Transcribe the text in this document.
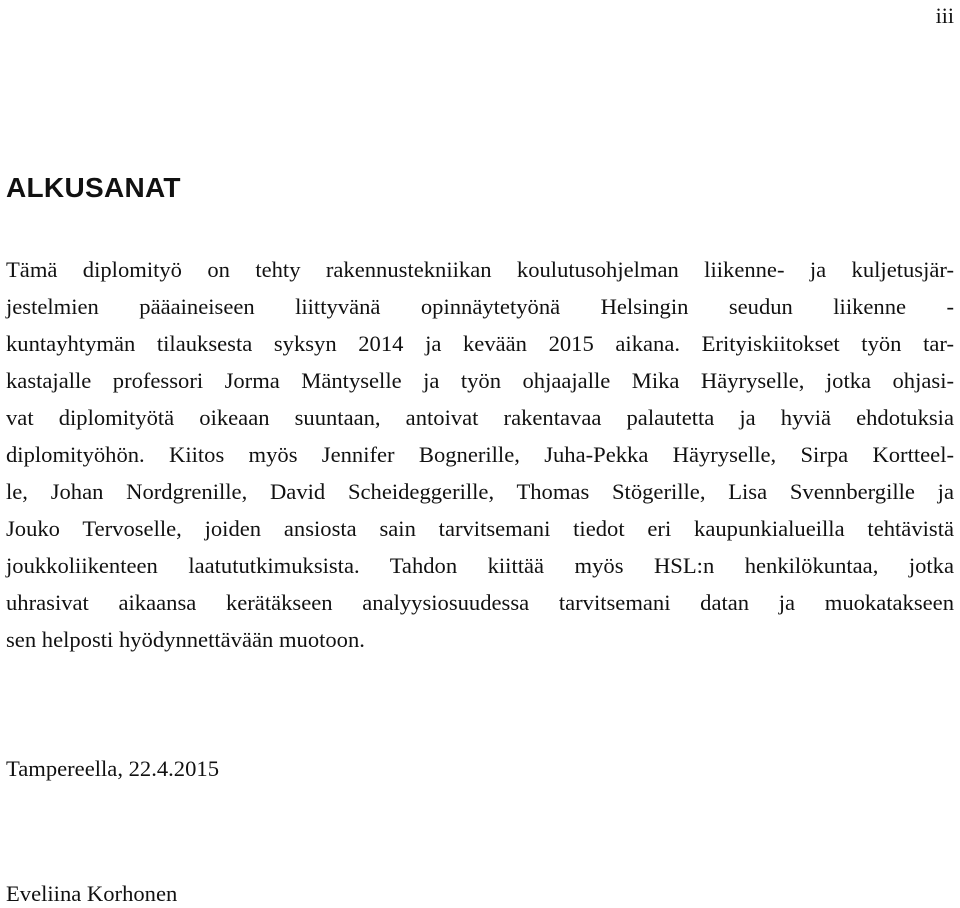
iii
ALKUSANAT
Tämä diplomityö on tehty rakennustekniikan koulutusohjelman liikenne- ja kuljetusjär-
jestelmien pääaineiseen liittyvänä opinnäytetyönä Helsingin seudun liikenne -
kuntayhtymän tilauksesta syksyn 2014 ja kevään 2015 aikana. Erityiskiitokset työn tar-
kastajalle professori Jorma Mäntyselle ja työn ohjaajalle Mika Häyryselle, jotka ohjasi-
vat diplomityötä oikeaan suuntaan, antoivat rakentavaa palautetta ja hyviä ehdotuksia
diplomityöhön. Kiitos myös Jennifer Bognerille, Juha-Pekka Häyryselle, Sirpa Kortteel-
le, Johan Nordgrenille, David Scheideggerille, Thomas Stögerille, Lisa Svennbergille ja
Jouko Tervoselle, joiden ansiosta sain tarvitsemani tiedot eri kaupunkialueilla tehtävistä
joukkoliikenteen laatututkimuksista. Tahdon kiittää myös HSL:n henkilökuntaa, jotka
uhrasivat aikaansa kerätäkseen analyysiosuudessa tarvitsemani datan ja muokatakseen
sen helposti hyödynnettävään muotoon.
Tampereella, 22.4.2015
Eveliina Korhonen
